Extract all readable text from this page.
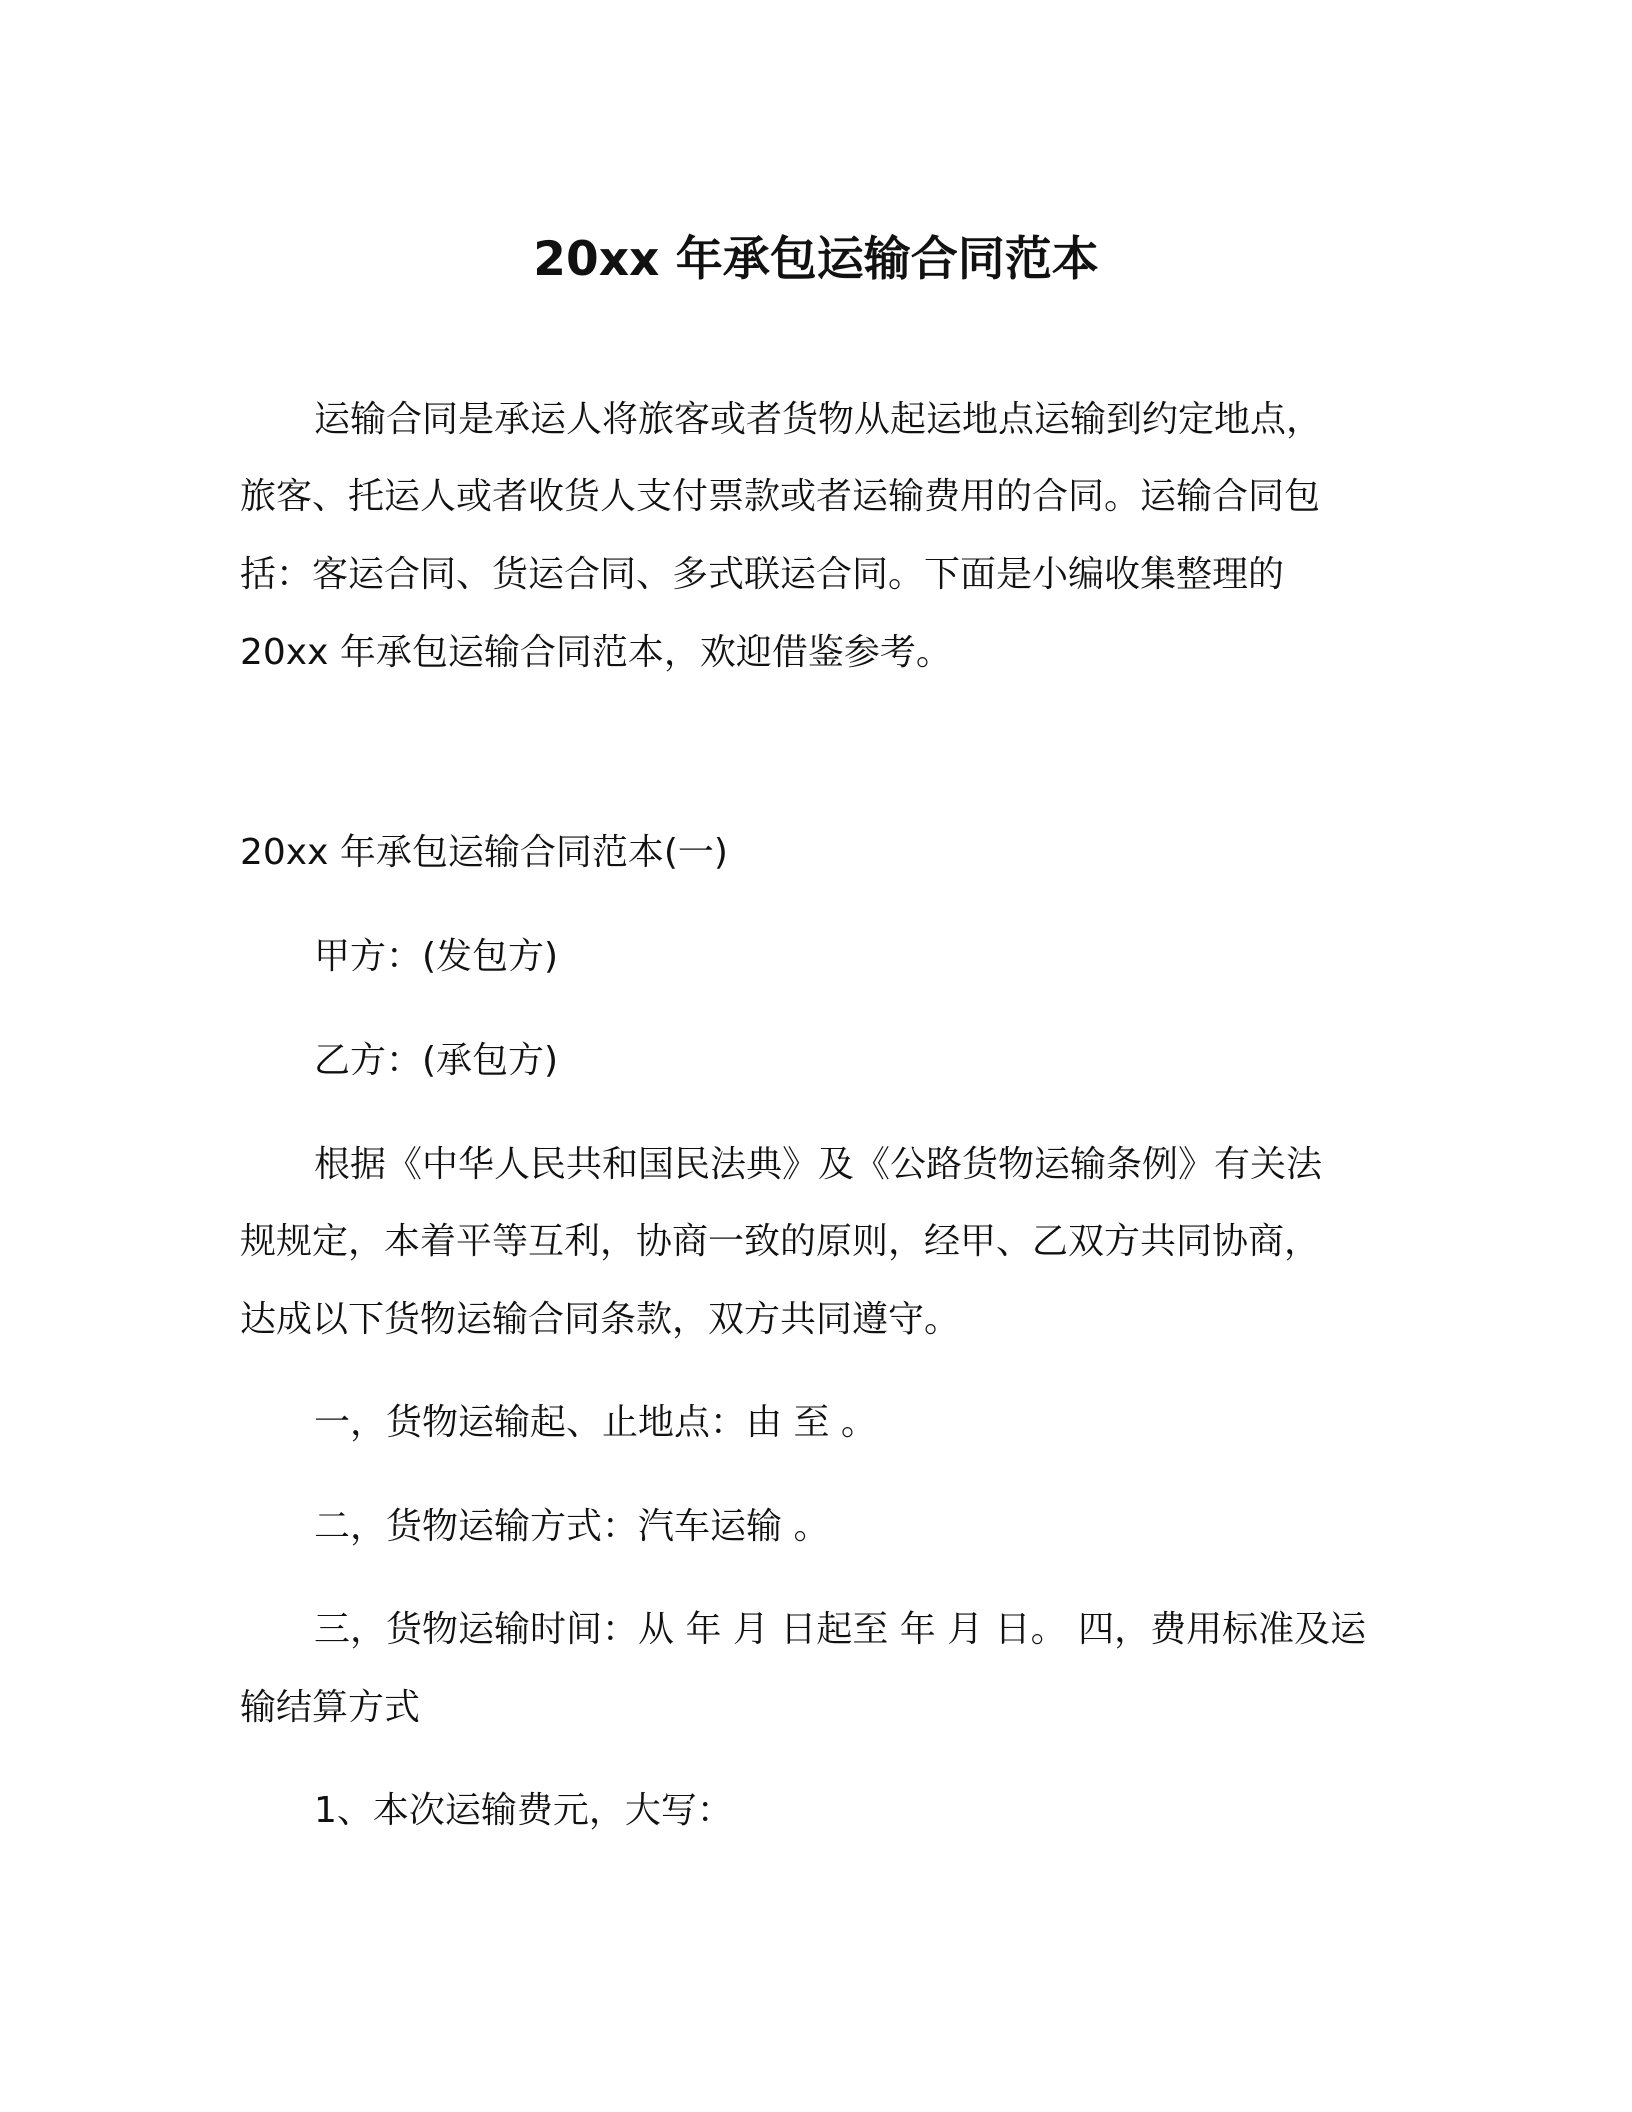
20xx 年承包运输合同范本
运输合同是承运人将旅客或者货物从起运地点运输到约定地点，
旅客、托运人或者收货人支付票款或者运输费用的合同。运输合同包
括：客运合同、货运合同、多式联运合同。下面是小编收集整理的
20xx 年承包运输合同范本，欢迎借鉴参考。
20xx 年承包运输合同范本(一)
甲方：(发包方)
乙方：(承包方)
根据《中华人民共和国民法典》及《公路货物运输条例》有关法
规规定，本着平等互利，协商一致的原则，经甲、乙双方共同协商，
达成以下货物运输合同条款，双方共同遵守。
一，货物运输起、止地点：由 至 。
二，货物运输方式：汽车运输 。
三，货物运输时间：从 年 月 日起至 年 月 日。 四，费用标准及运
输结算方式
1、本次运输费元，大写：
